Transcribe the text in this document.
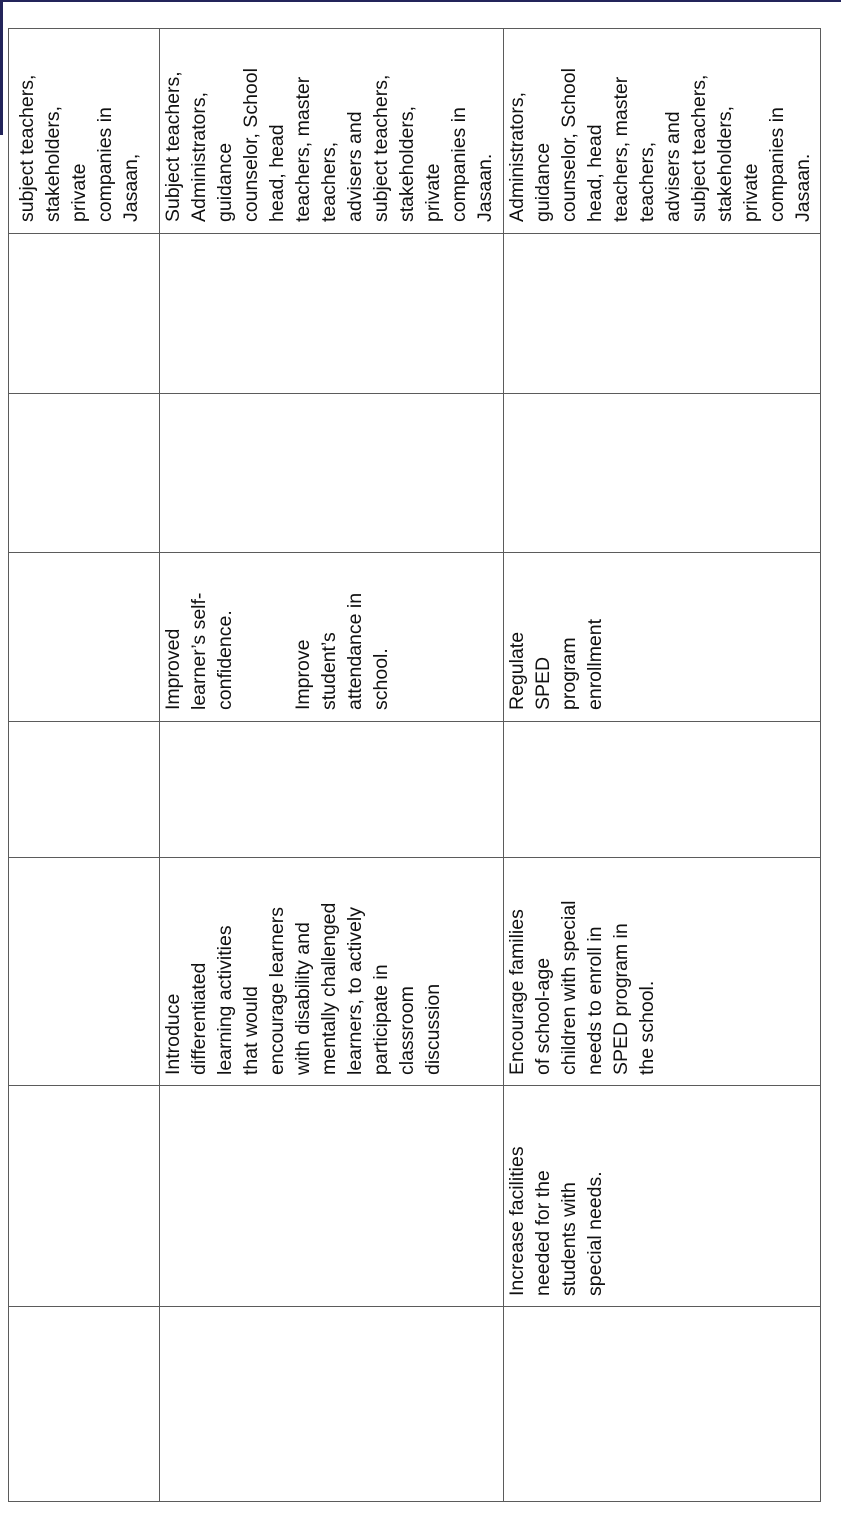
subject teachers, stakeholders, private companies in Jasaan, Subject teachers, Administrators, guidance counselor, School head, head teachers, master teachers, advisers and subject teachers, stakeholders, private companies in Jasaan.
Improved learner’s self- confidence.	Improve student’s attendance in school.
Introduce differentiated learning activities that would encourage learners with disability and mentally challenged learners, to actively participate in classroom discussion
Administrators, guidance counselor, School head, head teachers, master teachers, advisers and subject teachers, stakeholders, private companies in Jasaan.
Regulate SPED program enrollment
Encourage families of school-age children with special needs to enroll in SPED program in the school.
Increase facilities needed for the students with special needs.
